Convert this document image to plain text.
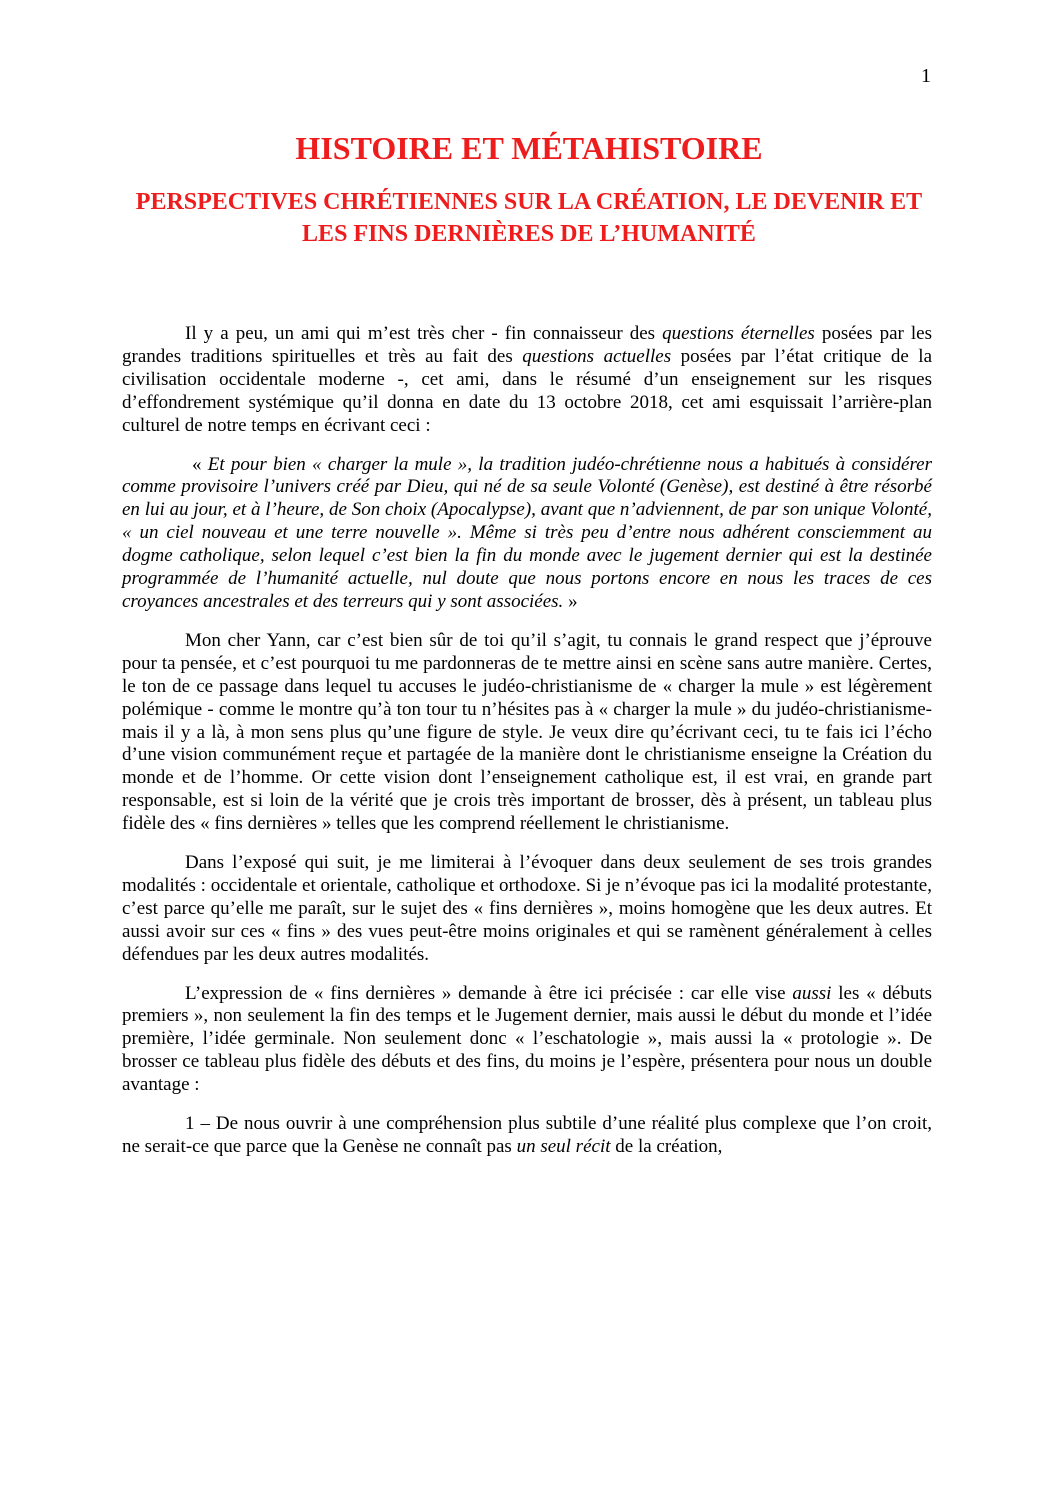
1
HISTOIRE ET MÉTAHISTOIRE
PERSPECTIVES CHRÉTIENNES SUR LA CRÉATION, LE DEVENIR ET LES FINS DERNIÈRES DE L’HUMANITÉ

Il y a peu, un ami qui m’est très cher - fin connaisseur des questions éternelles posées par les grandes traditions spirituelles et très au fait des questions actuelles posées par l’état critique de la civilisation occidentale moderne -, cet ami, dans le résumé d’un enseignement sur les risques d’effondrement systémique qu’il donna en date du 13 octobre 2018, cet ami esquissait l’arrière-plan culturel de notre temps en écrivant ceci :

« Et pour bien « charger la mule », la tradition judéo-chrétienne nous a habitués à considérer comme provisoire l’univers créé par Dieu, qui né de sa seule Volonté (Genèse), est destiné à être résorbé en lui au jour, et à l’heure, de Son choix (Apocalypse), avant que n’adviennent, de par son unique Volonté, « un ciel nouveau et une terre nouvelle ». Même si très peu d’entre nous adhérent consciemment au dogme catholique, selon lequel c’est bien la fin du monde avec le jugement dernier qui est la destinée programmée de l’humanité actuelle, nul doute que nous portons encore en nous les traces de ces croyances ancestrales et des terreurs qui y sont associées. »

Mon cher Yann, car c’est bien sûr de toi qu’il s’agit, tu connais le grand respect que j’éprouve pour ta pensée, et c’est pourquoi tu me pardonneras de te mettre ainsi en scène sans autre manière. Certes, le ton de ce passage dans lequel tu accuses le judéo-christianisme de « charger la mule » est légèrement polémique - comme le montre qu’à ton tour tu n’hésites pas à « charger la mule » du judéo-christianisme- mais il y a là, à mon sens plus qu’une figure de style. Je veux dire qu’écrivant ceci, tu te fais ici l’écho d’une vision communément reçue et partagée de la manière dont le christianisme enseigne la Création du monde et de l’homme. Or cette vision dont l’enseignement catholique est, il est vrai, en grande part responsable, est si loin de la vérité que je crois très important de brosser, dès à présent, un tableau plus fidèle des « fins dernières » telles que les comprend réellement le christianisme.

Dans l’exposé qui suit, je me limiterai à l’évoquer dans deux seulement de ses trois grandes modalités : occidentale et orientale, catholique et orthodoxe. Si je n’évoque pas ici la modalité protestante, c’est parce qu’elle me paraît, sur le sujet des « fins dernières », moins homogène que les deux autres. Et aussi avoir sur ces « fins » des vues peut-être moins originales et qui se ramènent généralement à celles défendues par les deux autres modalités.

L’expression de « fins dernières » demande à être ici précisée : car elle vise aussi les « débuts premiers », non seulement la fin des temps et le Jugement dernier, mais aussi le début du monde et l’idée première, l’idée germinale. Non seulement donc « l’eschatologie », mais aussi la « protologie ». De brosser ce tableau plus fidèle des débuts et des fins, du moins je l’espère, présentera pour nous un double avantage :

1 – De nous ouvrir à une compréhension plus subtile d’une réalité plus complexe que l’on croit, ne serait-ce que parce que la Genèse ne connaît pas un seul récit de la création,
